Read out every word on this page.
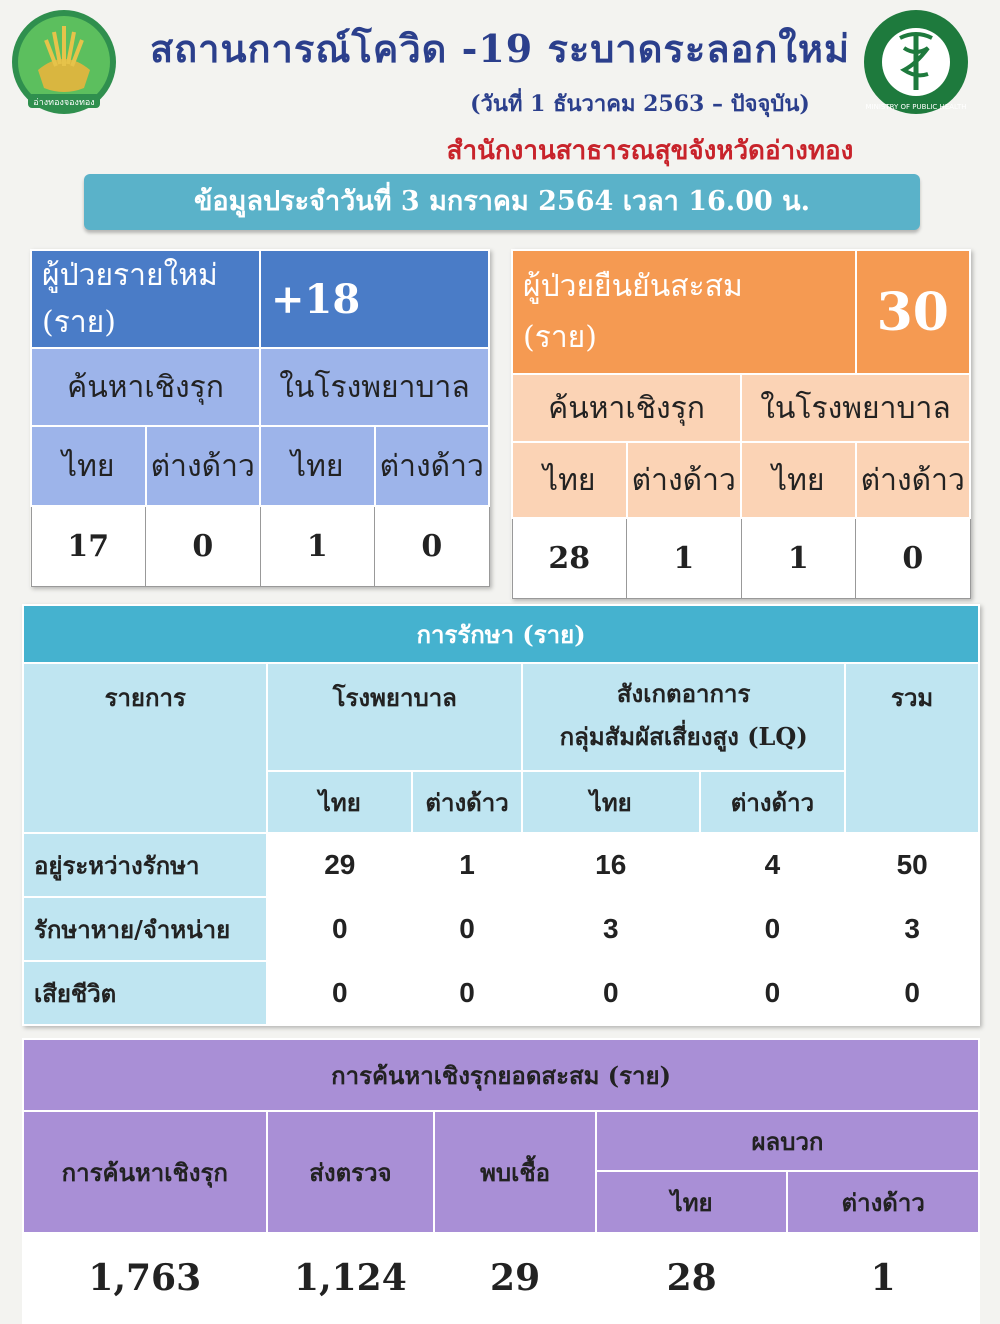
อ่างทองจองทอง
สถานการณ์โควิด -19 ระบาดระลอกใหม่
(วันที่ 1 ธันวาคม 2563 – ปัจจุบัน)
สำนักงานสาธารณสุขจังหวัดอ่างทอง
MINISTRY OF PUBLIC HEALTH
ข้อมูลประจำวันที่ 3 มกราคม 2564 เวลา 16.00 น.
ผู้ป่วยรายใหม่ (ราย)		+18	
ค้นหาเชิงรุก		ในโรงพยาบาล	
ไทย	ต่างด้าว	ไทย	ต่างด้าว
17	0	1	0
ผู้ป่วยยืนยันสะสม
(ราย)			30
ค้นหาเชิงรุก		ในโรงพยาบาล	
ไทย	ต่างด้าว	ไทย	ต่างด้าว
28	1	1	0
การรักษา (ราย)					
รายการ	โรงพยาบาล		สังเกตอาการ
กลุ่มสัมผัสเสี่ยงสูง (LQ)		รวม
	ไทย	ต่างด้าว	ไทย	ต่างด้าว	
อยู่ระหว่างรักษา	29	1	16	4	50
รักษาหาย/จำหน่าย	0	0	3	0	3
เสียชีวิต	0	0	0	0	0
การค้นหาเชิงรุกยอดสะสม (ราย)				
การค้นหาเชิงรุก	ส่งตรวจ	พบเชื้อ	ผลบวก	
			ไทย	ต่างด้าว
1,763	1,124	29	28	1
